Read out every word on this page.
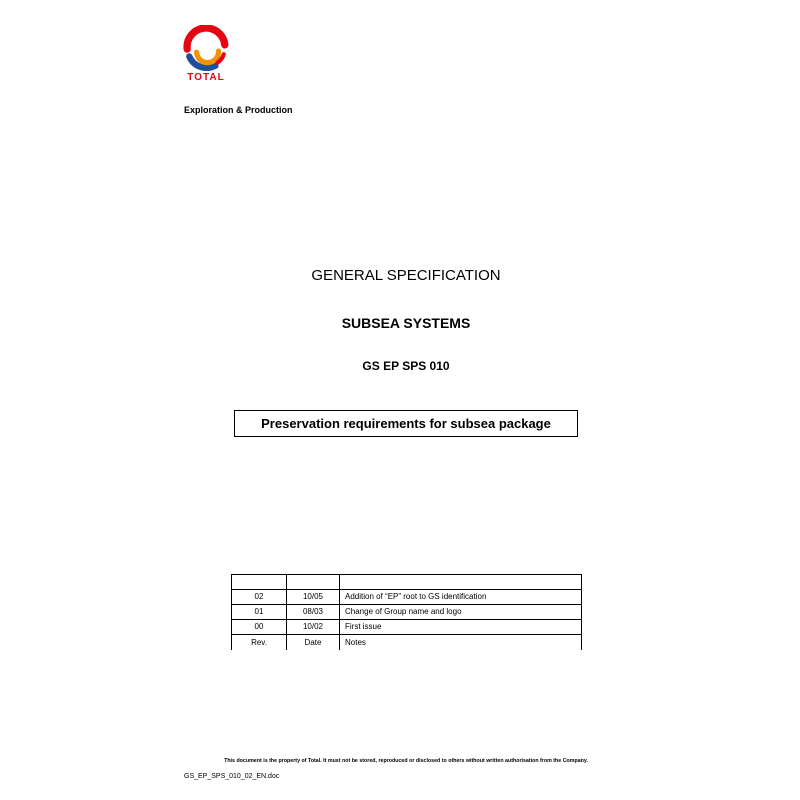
TOTAL
Exploration & Production
GENERAL SPECIFICATION
SUBSEA SYSTEMS
GS EP SPS 010
Preservation requirements for subsea package

02	10/05	Addition of “EP” root to GS identification
01	08/03	Change of Group name and logo
00	10/02	First issue
Rev.	Date	Notes
This document is the property of Total. It must not be stored, reproduced or disclosed to others without written authorisation from the Company.
GS_EP_SPS_010_02_EN.doc
